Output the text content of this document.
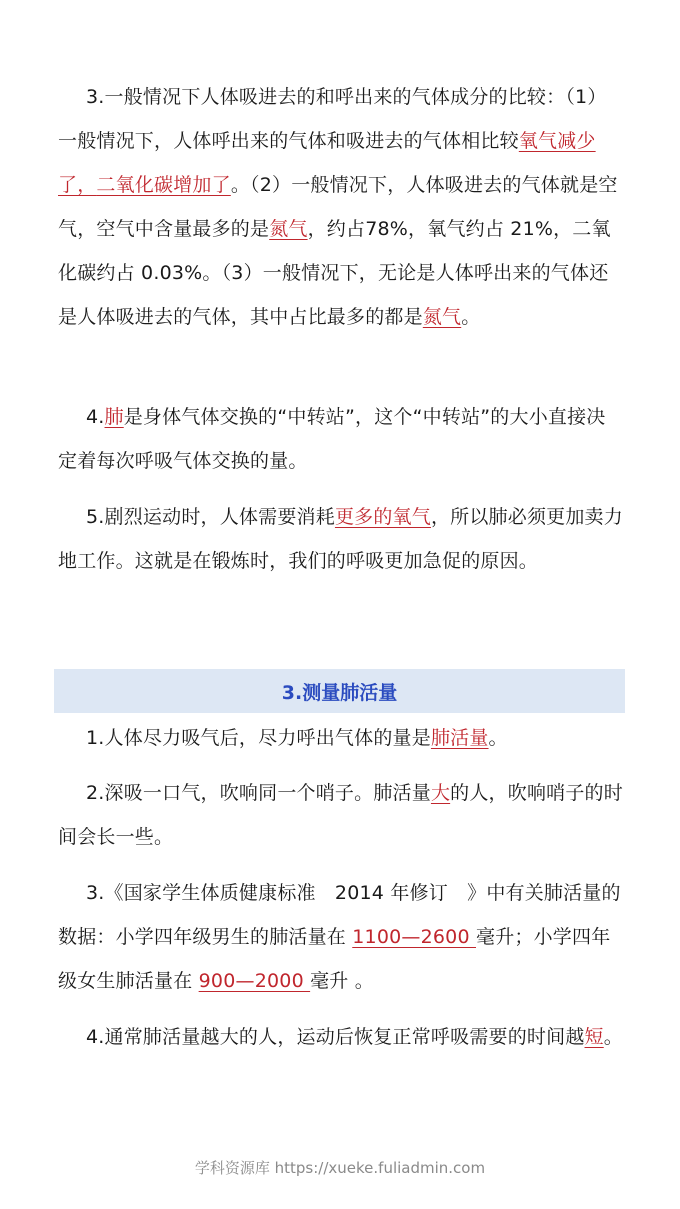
3.一般情况下人体吸进去的和呼出来的气体成分的比较：（1）一般情况下，人体呼出来的气体和吸进去的气体相比较氧气减少了，二氧化碳增加了。（2）一般情况下，人体吸进去的气体就是空气，空气中含量最多的是氮气，约占78%，氧气约占 21%，二氧化碳约占 0.03%。（3）一般情况下，无论是人体呼出来的气体还是人体吸进去的气体，其中占比最多的都是氮气。
4.肺是身体气体交换的“中转站”，这个“中转站”的大小直接决定着每次呼吸气体交换的量。
5.剧烈运动时，人体需要消耗更多的氧气，所以肺必须更加卖力地工作。这就是在锻炼时，我们的呼吸更加急促的原因。
3.测量肺活量
1.人体尽力吸气后，尽力呼出气体的量是肺活量。
2.深吸一口气，吹响同一个哨子。肺活量大的人，吹响哨子的时间会长一些。
3.《国家学生体质健康标准　2014 年修订　》中有关肺活量的数据：小学四年级男生的肺活量在 1100—2600 毫升；小学四年级女生肺活量在 900—2000 毫升 。
4.通常肺活量越大的人，运动后恢复正常呼吸需要的时间越短。
学科资源库 https://xueke.fuliadmin.com
